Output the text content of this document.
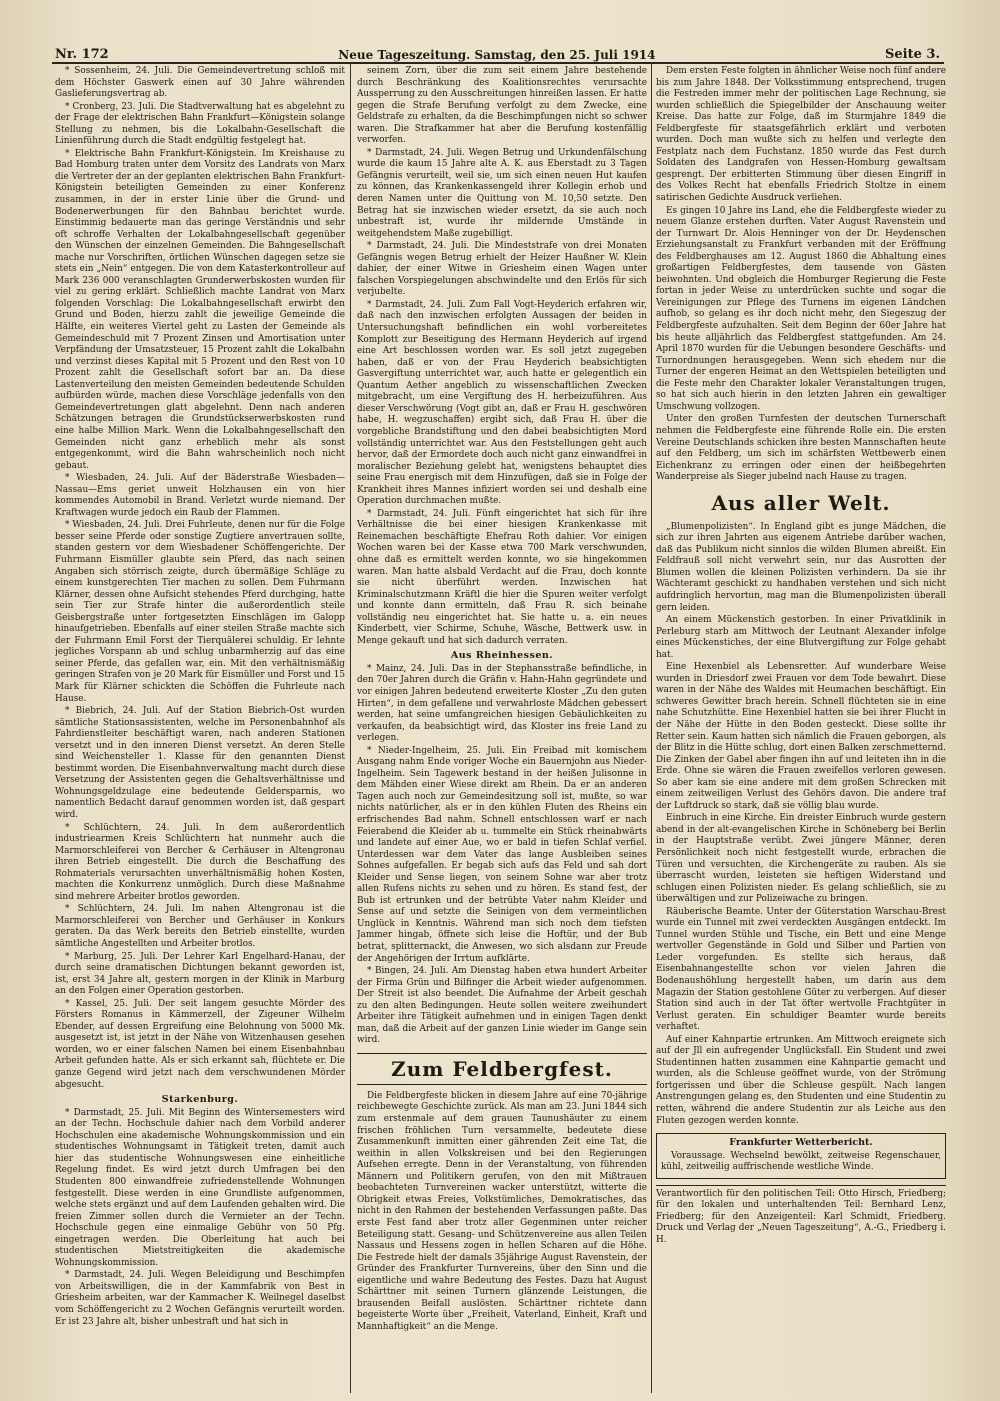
Nr. 172	Neue Tageszeitung. Samstag, den 25. Juli 1914	Seite 3.

* Sossenheim, 24. Juli. Die Gemeindevertretung schloß mit dem Höchster Gaswerk einen auf 30 Jahre währenden Gaslieferungsvertrag ab.

* Cronberg, 23. Juli. Die Stadtverwaltung hat es abgelehnt zu der Frage der elektrischen Bahn Frankfurt—Königstein solange Stellung zu nehmen, bis die Lokalbahn-Gesellschaft die Linienführung durch die Stadt endgültig festgelegt hat.

* Elektrische Bahn Frankfurt-Königstein. Im Kreishause zu Bad Homburg traten unter dem Vorsitz des Landrats von Marx die Vertreter der an der geplanten elektrischen Bahn Frankfurt-Königstein beteiligten Gemeinden zu einer Konferenz zusammen, in der in erster Linie über die Grund- und Bodenerwerbungen für den Bahnbau berichtet wurde. Einstimmig bedauerte man das geringe Verständnis und sehr oft schroffe Verhalten der Lokalbahngesellschaft gegenüber den Wünschen der einzelnen Gemeinden. Die Bahngesellschaft mache nur Vorschriften, örtlichen Wünschen dagegen setze sie stets ein „Nein“ entgegen. Die von dem Katasterkontrolleur auf Mark 236 000 veranschlagten Grunderwerbskosten wurden für viel zu gering erklärt. Schließlich machte Landrat von Marx folgenden Vorschlag: Die Lokalbahngesellschaft erwirbt den Grund und Boden, hierzu zahlt die jeweilige Gemeinde die Hälfte, ein weiteres Viertel geht zu Lasten der Gemeinde als Gemeindeschuld mit 7 Prozent Zinsen und Amortisation unter Verpfändung der Umsatzsteuer, 15 Prozent zahlt die Lokalbahn und verzinst dieses Kapital mit 5 Prozent und den Rest von 10 Prozent zahlt die Gesellschaft sofort bar an. Da diese Lastenverteilung den meisten Gemeinden bedeutende Schulden aufbürden würde, machen diese Vorschläge jedenfalls von den Gemeindevertretungen glatt abgelehnt. Denn nach anderen Schätzungen betragen die Grundstückserwerbskosten rund eine halbe Million Mark. Wenn die Lokalbahngesellschaft den Gemeinden nicht ganz erheblich mehr als sonst entgegenkommt, wird die Bahn wahrscheinlich noch nicht gebaut.

* Wiesbaden, 24. Juli. Auf der Bäderstraße Wiesbaden—Nassau—Ems geriet unweit Holzhausen ein von hier kommendes Automobil in Brand. Verletzt wurde niemand. Der Kraftwagen wurde jedoch ein Raub der Flammen.

* Wiesbaden, 24. Juli. Drei Fuhrleute, denen nur für die Folge besser seine Pferde oder sonstige Zugtiere anvertrauen sollte, standen gestern vor dem Wiesbadener Schöffengerichte. Der Fuhrmann Eismüller glaubte sein Pferd, das nach seinen Angaben sich störrisch zeigte, durch übermäßige Schläge zu einem kunstgerechten Tier machen zu sollen. Dem Fuhrmann Klärner, dessen ohne Aufsicht stehendes Pferd durchging, hatte sein Tier zur Strafe hinter die außerordentlich steile Geisbergstraße unter fortgesetzten Einschlägen im Galopp hinaufgetrieben. Ebenfalls auf einer steilen Straße machte sich der Fuhrmann Emil Forst der Tierquälerei schuldig. Er lehnte jegliches Vorspann ab und schlug unbarmherzig auf das eine seiner Pferde, das gefallen war, ein. Mit den verhältnismäßig geringen Strafen von je 20 Mark für Eismüller und Forst und 15 Mark für Klärner schickten die Schöffen die Fuhrleute nach Hause.

* Biebrich, 24. Juli. Auf der Station Biebrich-Ost wurden sämtliche Stationsassistenten, welche im Personenbahnhof als Fahrdienstleiter beschäftigt waren, nach anderen Stationen versetzt und in den inneren Dienst versetzt. An deren Stelle sind Weichensteller 1. Klasse für den genannten Dienst bestimmt worden. Die Eisenbahnverwaltung macht durch diese Versetzung der Assistenten gegen die Gehaltsverhältnisse und Wohnungsgeldzulage eine bedeutende Geldersparnis, wo namentlich Bedacht darauf genommen worden ist, daß gespart wird.

* Schlüchtern, 24. Juli. In dem außerordentlich industriearmen Kreis Schlüchtern hat nunmehr auch die Marmorschleiferei von Bercher & Cerhäuser in Altengronau ihren Betrieb eingestellt. Die durch die Beschaffung des Rohmaterials verursachten unverhältnismäßig hohen Kosten, machten die Konkurrenz unmöglich. Durch diese Maßnahme sind mehrere Arbeiter brotlos geworden.

* Schlüchtern, 24. Juli. Im nahen Altengronau ist die Marmorschleiferei von Bercher und Gerhäuser in Konkurs geraten. Da das Werk bereits den Betrieb einstellte, wurden sämtliche Angestellten und Arbeiter brotlos.

* Marburg, 25. Juli. Der Lehrer Karl Engelhard-Hanau, der durch seine dramatischen Dichtungen bekannt geworden ist, ist, erst 34 Jahre alt, gestern morgen in der Klinik in Marburg an den Folgen einer Operation gestorben.

* Kassel, 25. Juli. Der seit langem gesuchte Mörder des Försters Romanus in Kämmerzell, der Zigeuner Wilhelm Ebender, auf dessen Ergreifung eine Belohnung von 5000 Mk. ausgesetzt ist, ist jetzt in der Nähe von Witzenhausen gesehen worden, wo er einer falschen Namen bei einem Eisenbahnbau Arbeit gefunden hatte. Als er sich erkannt sah, flüchtete er. Die ganze Gegend wird jetzt nach dem verschwundenen Mörder abgesucht.

Starkenburg.

* Darmstadt, 25. Juli. Mit Beginn des Wintersemesters wird an der Techn. Hochschule dahier nach dem Vorbild anderer Hochschulen eine akademische Wohnungskommission und ein studentisches Wohnungsamt in Tätigkeit treten, damit auch hier das studentische Wohnungswesen eine einheitliche Regelung findet. Es wird jetzt durch Umfragen bei den Studenten 800 einwandfreie zufriedenstellende Wohnungen festgestellt. Diese werden in eine Grundliste aufgenommen, welche stets ergänzt und auf dem Laufenden gehalten wird. Die freien Zimmer sollen durch die Vermieter an der Techn. Hochschule gegen eine einmalige Gebühr von 50 Pfg. eingetragen werden. Die Oberleitung hat auch bei studentischen Mietstreitigkeiten die akademische Wohnungskommission.

* Darmstadt, 24. Juli. Wegen Beleidigung und Beschimpfen von Arbeitswilligen, die in der Kammfabrik von Best in Griesheim arbeiten, war der Kammacher K. Weilnegel daselbst vom Schöffengericht zu 2 Wochen Gefängnis verurteilt worden. Er ist 23 Jahre alt, bisher unbestraft und hat sich in

seinem Zorn, über die zum seit einem Jahre bestehende durch Beschränkung des Koalitionsrechtes verursachte Aussperrung zu den Ausschreitungen hinreißen lassen. Er hatte gegen die Strafe Berufung verfolgt zu dem Zwecke, eine Geldstrafe zu erhalten, da die Beschimpfungen nicht so schwer waren. Die Strafkammer hat aber die Berufung kostenfällig verworfen.

* Darmstadt, 24. Juli. Wegen Betrug und Urkundenfälschung wurde die kaum 15 Jahre alte A. K. aus Eberstadt zu 3 Tagen Gefängnis verurteilt, weil sie, um sich einen neuen Hut kaufen zu können, das Krankenkassengeld ihrer Kollegin erhob und deren Namen unter die Quittung von M. 10,50 setzte. Den Betrag hat sie inzwischen wieder ersetzt, da sie auch noch unbestraft ist, wurde ihr mildernde Umstände in weitgehendstem Maße zugebilligt.

* Darmstadt, 24. Juli. Die Mindeststrafe von drei Monaten Gefängnis wegen Betrug erhielt der Heizer Haußner W. Klein dahier, der einer Witwe in Griesheim einen Wagen unter falschen Vorspiegelungen abschwindelte und den Erlös für sich verjubelte.

* Darmstadt, 24. Juli. Zum Fall Vogt-Heyderich erfahren wir, daß nach den inzwischen erfolgten Aussagen der beiden in Untersuchungshaft befindlichen ein wohl vorbereitetes Komplott zur Beseitigung des Hermann Heyderich auf irgend eine Art beschlossen worden war. Es soll jetzt zugegeben haben, daß er von der Frau Heyderich beabsichtigten Gasvergiftung unterrichtet war, auch hatte er gelegentlich ein Quantum Aether angeblich zu wissenschaftlichen Zwecken mitgebracht, um eine Vergiftung des H. herbeizuführen. Aus dieser Verschwörung (Vogt gibt an, daß er Frau H. geschwören habe, H. wegzuschaffen) ergibt sich, daß Frau H. über die vorgebliche Brandstiftung und den dabei beabsichtigten Mord vollständig unterrichtet war. Aus den Feststellungen geht auch hervor, daß der Ermordete doch auch nicht ganz einwandfrei in moralischer Beziehung gelebt hat, wenigstens behauptet dies seine Frau energisch mit dem Hinzufügen, daß sie in Folge der Krankheit ihres Mannes infiziert worden sei und deshalb eine Operation durchmachen mußte.

* Darmstadt, 24. Juli. Fünft eingerichtet hat sich für ihre Verhältnisse die bei einer hiesigen Krankenkasse mit Reinemachen beschäftigte Ehefrau Roth dahier. Vor einigen Wochen waren bei der Kasse etwa 700 Mark verschwunden, ohne daß es ermittelt werden konnte, wo sie hingekommen waren. Man hatte alsbald Verdacht auf die Frau, doch konnte sie nicht überführt werden. Inzwischen hat Kriminalschutzmann Kräftl die hier die Spuren weiter verfolgt und konnte dann ermitteln, daß Frau R. sich beinahe vollständig neu eingerichtet hat. Sie hatte u. a. ein neues Kinderbett, vier Schirme, Schuhe, Wäsche, Bettwerk usw. in Menge gekauft und hat sich dadurch verraten.

Aus Rheinhessen.

* Mainz, 24. Juli. Das in der Stephansstraße befindliche, in den 70er Jahren durch die Gräfin v. Hahn-Hahn gegründete und vor einigen Jahren bedeutend erweiterte Kloster „Zu den guten Hirten“, in dem gefallene und verwahrloste Mädchen gebessert werden, hat seine umfangreichen hiesigen Gebäulichkeiten zu verkaufen, da beabsichtigt wird, das Kloster ins freie Land zu verlegen.

* Nieder-Ingelheim, 25. Juli. Ein Freibad mit komischem Ausgang nahm Ende voriger Woche ein Bauernjohn aus Nieder-Ingelheim. Sein Tagewerk bestand in der heißen Julisonne in dem Mähden einer Wiese direkt am Rhein. Da er an anderen Tagen auch noch zur Gemeindesitzung soll ist, mußte, so war nichts natürlicher, als er in den kühlen Fluten des Rheins ein erfrischendes Bad nahm. Schnell entschlossen warf er nach Feierabend die Kleider ab u. tummelte ein Stück rheinabwärts und landete auf einer Aue, wo er bald in tiefen Schlaf verfiel. Unterdessen war dem Vater das lange Ausbleiben seines Sohnes aufgefallen. Er begab sich aufs das Feld und sah dort Kleider und Sense liegen, von seinem Sohne war aber trotz allen Rufens nichts zu sehen und zu hören. Es stand fest, der Bub ist ertrunken und der betrübte Vater nahm Kleider und Sense auf und setzte die Seinigen von dem vermeintlichen Unglück in Kenntnis. Während man sich noch dem tiefsten Jammer hingab, öffnete sich leise die Hoftür, und der Bub betrat, splitternackt, die Anwesen, wo sich alsdann zur Freude der Angehörigen der Irrtum aufklärte.

* Bingen, 24. Juli. Am Dienstag haben etwa hundert Arbeiter der Firma Grün und Bilfinger die Arbeit wieder aufgenommen. Der Streit ist also beendet. Die Aufnahme der Arbeit geschah zu den alten Bedingungen. Heute sollen weitere zweihundert Arbeiter ihre Tätigkeit aufnehmen und in einigen Tagen denkt man, daß die Arbeit auf der ganzen Linie wieder im Gange sein wird.

Zum Feldbergfest.

Die Feldbergfeste blicken in diesem Jahre auf eine 70-jährige reichbewegte Geschichte zurück. Als man am 23. Juni 1844 sich zum erstenmale auf dem grauen Taunushäuter zu einem frischen fröhlichen Turn versammelte, bedeutete diese Zusammenkunft inmitten einer gährenden Zeit eine Tat, die weithin in allen Volkskreisen und bei den Regierungen Aufsehen erregte. Denn in der Veranstaltung, von führenden Männern und Politikern gerufen, von den mit Mißtrauen beobachteten Turnvereinen wacker unterstützt, witterte die Obrigkeit etwas Freies, Volkstümliches, Demokratisches, das nicht in den Rahmen der bestehenden Verfassungen paßte. Das erste Fest fand aber trotz aller Gegenminen unter reicher Beteiligung statt. Gesang- und Schützenvereine aus allen Teilen Nassaus und Hessens zogen in hellen Scharen auf die Höhe. Die Festrede hielt der damals 35jährige August Ravenstein, der Gründer des Frankfurter Turnvereins, über den Sinn und die eigentliche und wahre Bedeutung des Festes. Dazu hat August Schärttner mit seinen Turnern glänzende Leistungen, die brausenden Beifall auslösten. Schärttner richtete dann begeisterte Worte über „Freiheit, Vaterland, Einheit, Kraft und Mannhaftigkeit“ an die Menge.

Dem ersten Feste folgten in ähnlicher Weise noch fünf andere bis zum Jahre 1848. Der Volksstimmung entsprechend, trugen die Festreden immer mehr der politischen Lage Rechnung, sie wurden schließlich die Spiegelbilder der Anschauung weiter Kreise. Das hatte zur Folge, daß im Sturmjahre 1849 die Feldbergfeste für staatsgefährlich erklärt und verboten wurden. Doch man wußte sich zu helfen und verlegte den Festplatz nach dem Fuchstanz. 1850 wurde das Fest durch Soldaten des Landgrafen von Hessen-Homburg gewaltsam gesprengt. Der erbitterten Stimmung über diesen Eingriff in des Volkes Recht hat ebenfalls Friedrich Stoltze in einem satirischen Gedichte Ausdruck verliehen.

Es gingen 10 Jahre ins Land, ehe die Feldbergfeste wieder zu neuem Glanze erstehen durften. Vater August Ravenstein und der Turnwart Dr. Alois Henninger von der Dr. Heydenschen Erziehungsanstalt zu Frankfurt verbanden mit der Eröffnung des Feldberghauses am 12. August 1860 die Abhaltung eines großartigen Feldbergfestes, dem tausende von Gästen beiwohnten. Und obgleich die Homburger Regierung die Feste fortan in jeder Weise zu unterdrücken suchte und sogar die Vereinigungen zur Pflege des Turnens im eigenen Ländchen aufhob, so gelang es ihr doch nicht mehr, den Siegeszug der Feldbergfeste aufzuhalten. Seit dem Beginn der 60er Jahre hat bis heute alljährlich das Feldbergfest stattgefunden. Am 24. April 1870 wurden für die Uebungen besondere Geschäfts- und Turnordnungen herausgegeben. Wenn sich ehedem nur die Turner der engeren Heimat an den Wettspielen beteiligten und die Feste mehr den Charakter lokaler Veranstaltungen trugen, so hat sich auch hierin in den letzten Jahren ein gewaltiger Umschwung vollzogen.

Unter den großen Turnfesten der deutschen Turnerschaft nehmen die Feldbergfeste eine führende Rolle ein. Die ersten Vereine Deutschlands schicken ihre besten Mannschaften heute auf den Feldberg, um sich im schärfsten Wettbewerb einen Eichenkranz zu erringen oder einen der heißbegehrten Wanderpreise als Sieger jubelnd nach Hause zu tragen.

Aus aller Welt.

„Blumenpolizisten“. In England gibt es junge Mädchen, die sich zur ihren Jahrten aus eigenem Antriebe darüber wachen, daß das Publikum nicht sinnlos die wilden Blumen abreißt. Ein Feldfrauß soll nicht verwehrt sein, nur das Ausrotten der Blumen wollen die kleinen Polizisten verhindern. Da sie ihr Wächteramt geschickt zu handhaben verstehen und sich nicht aufdringlich hervortun, mag man die Blumenpolizisten überall gern leiden.

An einem Mückenstich gestorben. In einer Privatklinik in Perleburg starb am Mittwoch der Leutnant Alexander infolge eines Mückenstiches, der eine Blutvergiftung zur Folge gehabt hat.

Eine Hexenbiel als Lebensretter. Auf wunderbare Weise wurden in Driesdorf zwei Frauen vor dem Tode bewahrt. Diese waren in der Nähe des Waldes mit Heumachen beschäftigt. Ein schweres Gewitter brach herein. Schnell flüchteten sie in eine nahe Schutzhütte. Eine Hexenbiel hatten sie bei ihrer Flucht in der Nähe der Hütte in den Boden gesteckt. Diese sollte ihr Retter sein. Kaum hatten sich nämlich die Frauen geborgen, als der Blitz in die Hütte schlug, dort einen Balken zerschmetternd. Die Zinken der Gabel aber fingen ihn auf und leiteten ihn in die Erde. Ohne sie wären die Frauen zweifellos verloren gewesen. So aber kam sie eine andere mit dem großen Schrecken mit einem zeitweiligen Verlust des Gehörs davon. Die andere traf der Luftdruck so stark, daß sie völlig blau wurde.

Einbruch in eine Kirche. Ein dreister Einbruch wurde gestern abend in der alt-evangelischen Kirche in Schöneberg bei Berlin in der Hauptstraße verübt. Zwei jüngere Männer, deren Persönlichkeit noch nicht festgestellt wurde, erbrachen die Türen und versuchten, die Kirchengeräte zu rauben. Als sie überrascht wurden, leisteten sie heftigen Widerstand und schlugen einen Polizisten nieder. Es gelang schließlich, sie zu überwältigen und zur Polizeiwache zu bringen.

Räuberische Beamte. Unter der Güterstation Warschau-Brest wurde ein Tunnel mit zwei verdeckten Ausgängen entdeckt. Im Tunnel wurden Stühle und Tische, ein Bett und eine Menge wertvoller Gegenstände in Gold und Silber und Partien von Leder vorgefunden. Es stellte sich heraus, daß Eisenbahnangestellte schon vor vielen Jahren die Bodenaushöhlung hergestellt haben, um darin aus dem Magazin der Station gestohlene Güter zu verbergen. Auf dieser Station sind auch in der Tat öfter wertvolle Frachtgüter in Verlust geraten. Ein schuldiger Beamter wurde bereits verhaftet.

Auf einer Kahnpartie ertrunken. Am Mittwoch ereignete sich auf der Jll ein aufregender Unglücksfall. Ein Student und zwei Studentinnen hatten zusammen eine Kahnpartie gemacht und wurden, als die Schleuse geöffnet wurde, von der Strömung fortgerissen und über die Schleuse gespült. Nach langen Anstrengungen gelang es, den Studenten und eine Studentin zu retten, während die andere Studentin zur als Leiche aus den Fluten gezogen werden konnte.

Frankfurter Wetterbericht.

Voraussage. Wechselnd bewölkt, zeitweise Regenschauer, kühl, zeitweilig auffrischende westliche Winde.

Verantwortlich für den politischen Teil: Otto Hirsch, Friedberg; für den lokalen und unterhaltenden Teil: Bernhard Lenz, Friedberg; für den Anzeigenteil: Karl Schmidt, Friedberg. Druck und Verlag der „Neuen Tageszeitung“, A.-G., Friedberg i. H.
